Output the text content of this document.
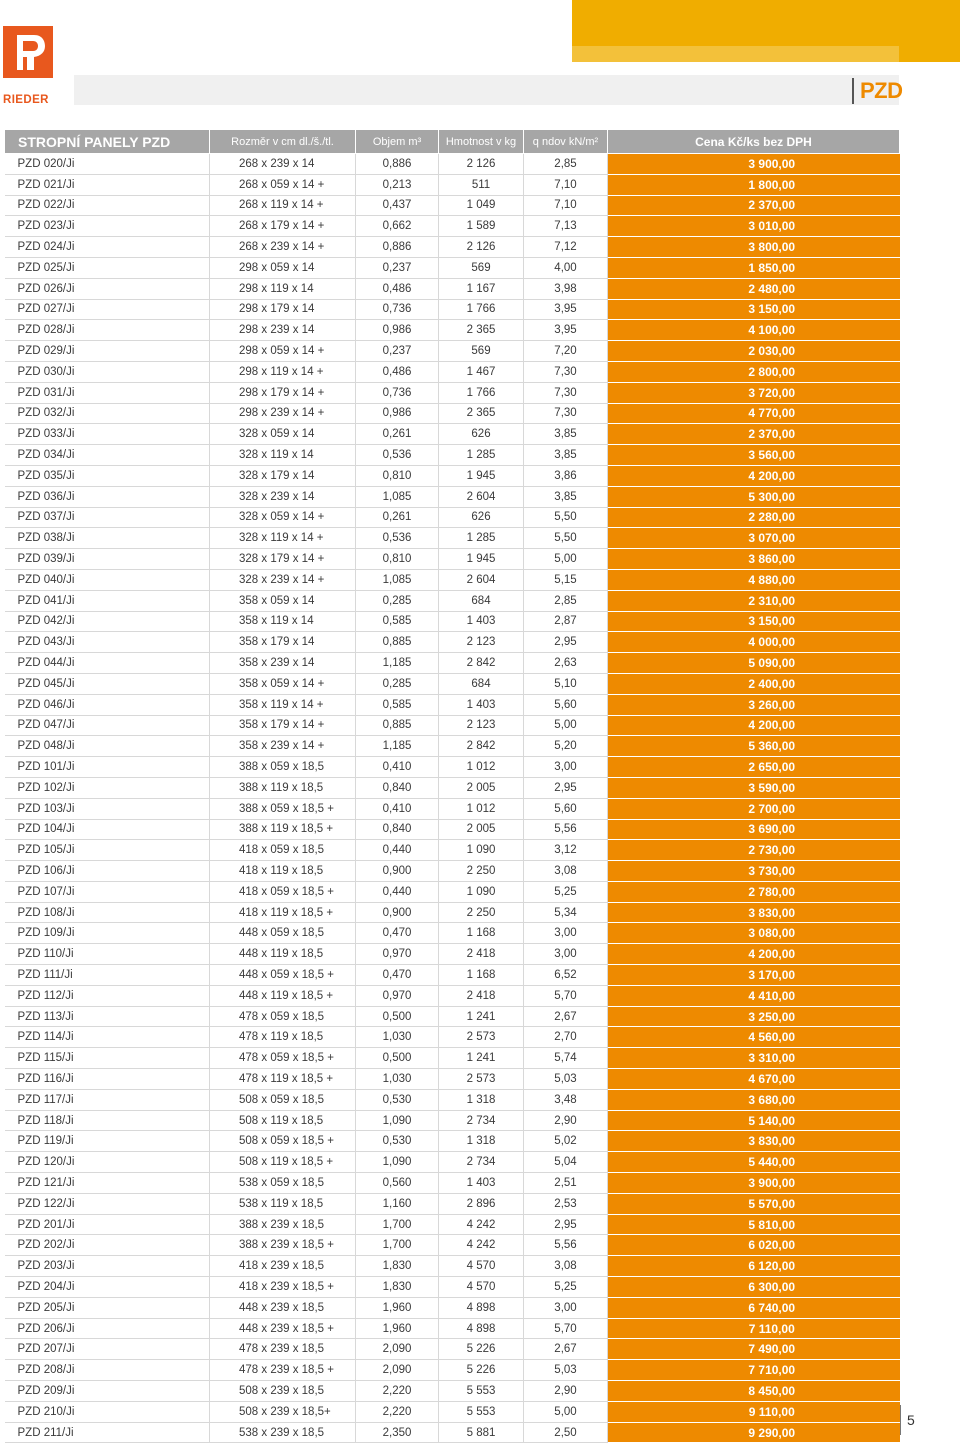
RIEDER	PZD
STROPNÍ PANELY PZD	Rozměr v cm dl./š./tl.	Objem m³	Hmotnost v kg	q ndov kN/m²	Cena Kč/ks bez DPH
PZD 020/Ji	268 x 239 x 14	0,886	2 126	2,85	3 900,00
PZD 021/Ji	268 x 059 x 14 +	0,213	511	7,10	1 800,00
PZD 022/Ji	268 x 119 x 14 +	0,437	1 049	7,10	2 370,00
PZD 023/Ji	268 x 179 x 14 +	0,662	1 589	7,13	3 010,00
PZD 024/Ji	268 x 239 x 14 +	0,886	2 126	7,12	3 800,00
PZD 025/Ji	298 x 059 x 14	0,237	569	4,00	1 850,00
PZD 026/Ji	298 x 119 x 14	0,486	1 167	3,98	2 480,00
PZD 027/Ji	298 x 179 x 14	0,736	1 766	3,95	3 150,00
PZD 028/Ji	298 x 239 x 14	0,986	2 365	3,95	4 100,00
PZD 029/Ji	298 x 059 x 14 +	0,237	569	7,20	2 030,00
PZD 030/Ji	298 x 119 x 14 +	0,486	1 467	7,30	2 800,00
PZD 031/Ji	298 x 179 x 14 +	0,736	1 766	7,30	3 720,00
PZD 032/Ji	298 x 239 x 14 +	0,986	2 365	7,30	4 770,00
PZD 033/Ji	328 x 059 x 14	0,261	626	3,85	2 370,00
PZD 034/Ji	328 x 119 x 14	0,536	1 285	3,85	3 560,00
PZD 035/Ji	328 x 179 x 14	0,810	1 945	3,86	4 200,00
PZD 036/Ji	328 x 239 x 14	1,085	2 604	3,85	5 300,00
PZD 037/Ji	328 x 059 x 14 +	0,261	626	5,50	2 280,00
PZD 038/Ji	328 x 119 x 14 +	0,536	1 285	5,50	3 070,00
PZD 039/Ji	328 x 179 x 14 +	0,810	1 945	5,00	3 860,00
PZD 040/Ji	328 x 239 x 14 +	1,085	2 604	5,15	4 880,00
PZD 041/Ji	358 x 059 x 14	0,285	684	2,85	2 310,00
PZD 042/Ji	358 x 119 x 14	0,585	1 403	2,87	3 150,00
PZD 043/Ji	358 x 179 x 14	0,885	2 123	2,95	4 000,00
PZD 044/Ji	358 x 239 x 14	1,185	2 842	2,63	5 090,00
PZD 045/Ji	358 x 059 x 14 +	0,285	684	5,10	2 400,00
PZD 046/Ji	358 x 119 x 14 +	0,585	1 403	5,60	3 260,00
PZD 047/Ji	358 x 179 x 14 +	0,885	2 123	5,00	4 200,00
PZD 048/Ji	358 x 239 x 14 +	1,185	2 842	5,20	5 360,00
PZD 101/Ji	388 x 059 x 18,5	0,410	1 012	3,00	2 650,00
PZD 102/Ji	388 x 119 x 18,5	0,840	2 005	2,95	3 590,00
PZD 103/Ji	388 x 059 x 18,5 +	0,410	1 012	5,60	2 700,00
PZD 104/Ji	388 x 119 x 18,5 +	0,840	2 005	5,56	3 690,00
PZD 105/Ji	418 x 059 x 18,5	0,440	1 090	3,12	2 730,00
PZD 106/Ji	418 x 119 x 18,5	0,900	2 250	3,08	3 730,00
PZD 107/Ji	418 x 059 x 18,5 +	0,440	1 090	5,25	2 780,00
PZD 108/Ji	418 x 119 x 18,5 +	0,900	2 250	5,34	3 830,00
PZD 109/Ji	448 x 059 x 18,5	0,470	1 168	3,00	3 080,00
PZD 110/Ji	448 x 119 x 18,5	0,970	2 418	3,00	4 200,00
PZD 111/Ji	448 x 059 x 18,5 +	0,470	1 168	6,52	3 170,00
PZD 112/Ji	448 x 119 x 18,5 +	0,970	2 418	5,70	4 410,00
PZD 113/Ji	478 x 059 x 18,5	0,500	1 241	2,67	3 250,00
PZD 114/Ji	478 x 119 x 18,5	1,030	2 573	2,70	4 560,00
PZD 115/Ji	478 x 059 x 18,5 +	0,500	1 241	5,74	3 310,00
PZD 116/Ji	478 x 119 x 18,5 +	1,030	2 573	5,03	4 670,00
PZD 117/Ji	508 x 059 x 18,5	0,530	1 318	3,48	3 680,00
PZD 118/Ji	508 x 119 x 18,5	1,090	2 734	2,90	5 140,00
PZD 119/Ji	508 x 059 x 18,5 +	0,530	1 318	5,02	3 830,00
PZD 120/Ji	508 x 119 x 18,5 +	1,090	2 734	5,04	5 440,00
PZD 121/Ji	538 x 059 x 18,5	0,560	1 403	2,51	3 900,00
PZD 122/Ji	538 x 119 x 18,5	1,160	2 896	2,53	5 570,00
PZD 201/Ji	388 x 239 x 18,5	1,700	4 242	2,95	5 810,00
PZD 202/Ji	388 x 239 x 18,5 +	1,700	4 242	5,56	6 020,00
PZD 203/Ji	418 x 239 x 18,5	1,830	4 570	3,08	6 120,00
PZD 204/Ji	418 x 239 x 18,5 +	1,830	4 570	5,25	6 300,00
PZD 205/Ji	448 x 239 x 18,5	1,960	4 898	3,00	6 740,00
PZD 206/Ji	448 x 239 x 18,5 +	1,960	4 898	5,70	7 110,00
PZD 207/Ji	478 x 239 x 18,5	2,090	5 226	2,67	7 490,00
PZD 208/Ji	478 x 239 x 18,5 +	2,090	5 226	5,03	7 710,00
PZD 209/Ji	508 x 239 x 18,5	2,220	5 553	2,90	8 450,00
PZD 210/Ji	508 x 239 x 18,5+	2,220	5 553	5,00	9 110,00
PZD 211/Ji	538 x 239 x 18,5	2,350	5 881	2,50	9 290,00
5
